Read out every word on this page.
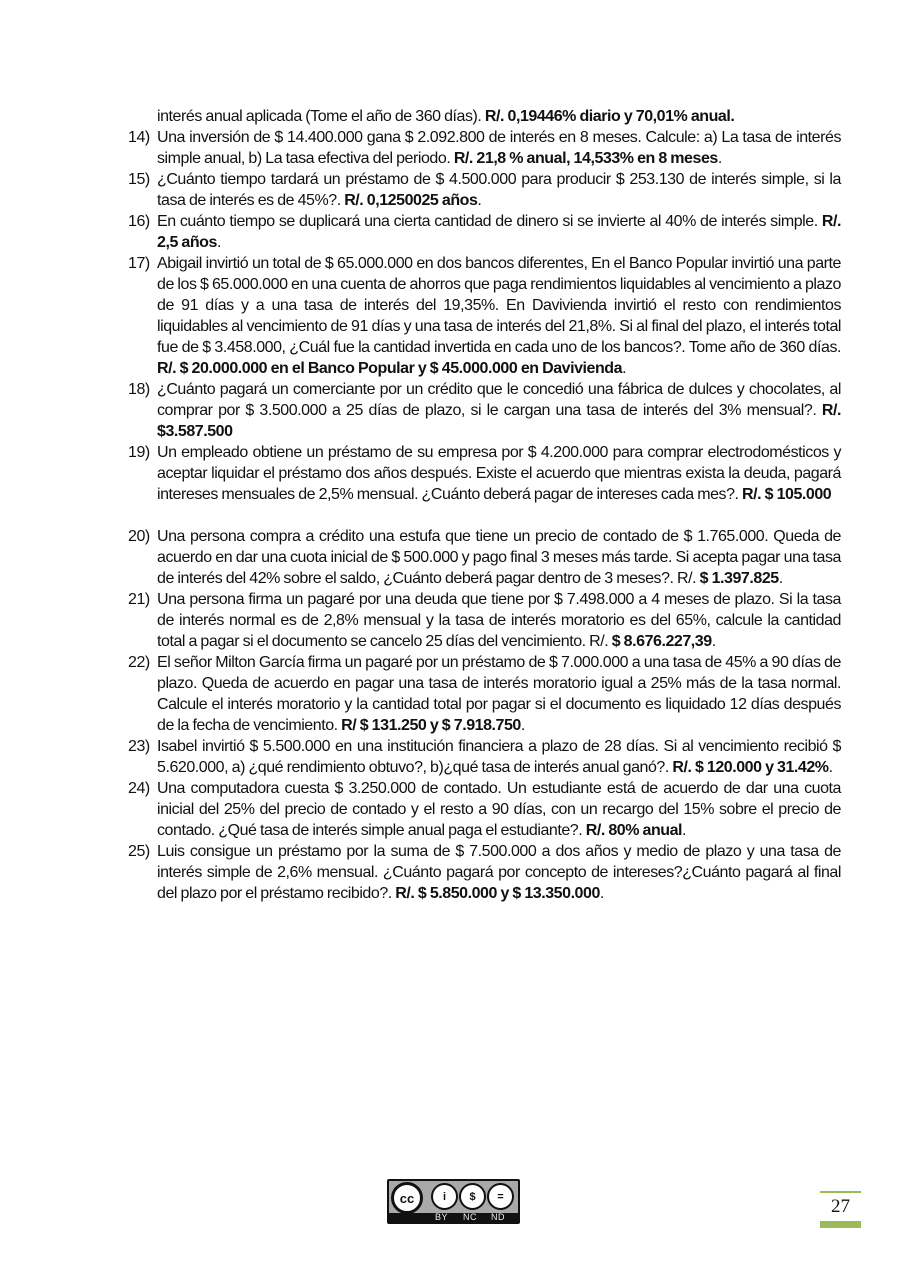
interés anual aplicada (Tome el año de 360 días). R/. 0,19446% diario y 70,01% anual.
14) Una inversión de $ 14.400.000 gana $ 2.092.800 de interés en 8 meses. Calcule: a) La tasa de interés simple anual, b) La tasa efectiva del periodo. R/. 21,8 % anual, 14,533% en 8 meses.
15) ¿Cuánto tiempo tardará un préstamo de $ 4.500.000 para producir $ 253.130 de interés simple, si la tasa de interés es de 45%?. R/. 0,1250025 años.
16) En cuánto tiempo se duplicará una cierta cantidad de dinero si se invierte al 40% de interés simple. R/. 2,5 años.
17) Abigail invirtió un total de $ 65.000.000 en dos bancos diferentes, En el Banco Popular invirtió una parte de los $ 65.000.000 en una cuenta de ahorros que paga rendimientos liquidables al vencimiento a plazo de 91 días y a una tasa de interés del 19,35%. En Davivienda invirtió el resto con rendimientos liquidables al vencimiento de 91 días y una tasa de interés del 21,8%. Si al final del plazo, el interés total fue de $ 3.458.000, ¿Cuál fue la cantidad invertida en cada uno de los bancos?. Tome año de 360 días. R/. $ 20.000.000 en el Banco Popular y $ 45.000.000 en Davivienda.
18) ¿Cuánto pagará un comerciante por un crédito que le concedió una fábrica de dulces y chocolates, al comprar por $ 3.500.000 a 25 días de plazo, si le cargan una tasa de interés del 3% mensual?. R/. $3.587.500
19) Un empleado obtiene un préstamo de su empresa por $ 4.200.000 para comprar electrodomésticos y aceptar liquidar el préstamo dos años después. Existe el acuerdo que mientras exista la deuda, pagará intereses mensuales de 2,5% mensual. ¿Cuánto deberá pagar de intereses cada mes?. R/. $ 105.000
20) Una persona compra a crédito una estufa que tiene un precio de contado de $ 1.765.000. Queda de acuerdo en dar una cuota inicial de $ 500.000 y pago final 3 meses más tarde. Si acepta pagar una tasa de interés del 42% sobre el saldo, ¿Cuánto deberá pagar dentro de 3 meses?. R/. $ 1.397.825.
21) Una persona firma un pagaré por una deuda que tiene por $ 7.498.000 a 4 meses de plazo. Si la tasa de interés normal es de 2,8% mensual y la tasa de interés moratorio es del 65%, calcule la cantidad total a pagar si el documento se cancelo 25 días del vencimiento. R/. $ 8.676.227,39.
22) El señor Milton García firma un pagaré por un préstamo de $ 7.000.000 a una tasa de 45% a 90 días de plazo. Queda de acuerdo en pagar una tasa de interés moratorio igual a 25% más de la tasa normal. Calcule el interés moratorio y la cantidad total por pagar si el documento es liquidado 12 días después de la fecha de vencimiento. R/ $ 131.250 y $ 7.918.750.
23) Isabel invirtió $ 5.500.000 en una institución financiera a plazo de 28 días. Si al vencimiento recibió $ 5.620.000, a) ¿qué rendimiento obtuvo?, b)¿qué tasa de interés anual ganó?. R/. $ 120.000 y 31.42%.
24) Una computadora cuesta $ 3.250.000 de contado. Un estudiante está de acuerdo de dar una cuota inicial del 25% del precio de contado y el resto a 90 días, con un recargo del 15% sobre el precio de contado. ¿Qué tasa de interés simple anual paga el estudiante?. R/. 80% anual.
25) Luis consigue un préstamo por la suma de $ 7.500.000 a dos años y medio de plazo y una tasa de interés simple de 2,6% mensual. ¿Cuánto pagará por concepto de intereses?¿Cuánto pagará al final del plazo por el préstamo recibido?. R/. $ 5.850.000 y $ 13.350.000.
cc	i	$	=
BY NC ND	27
